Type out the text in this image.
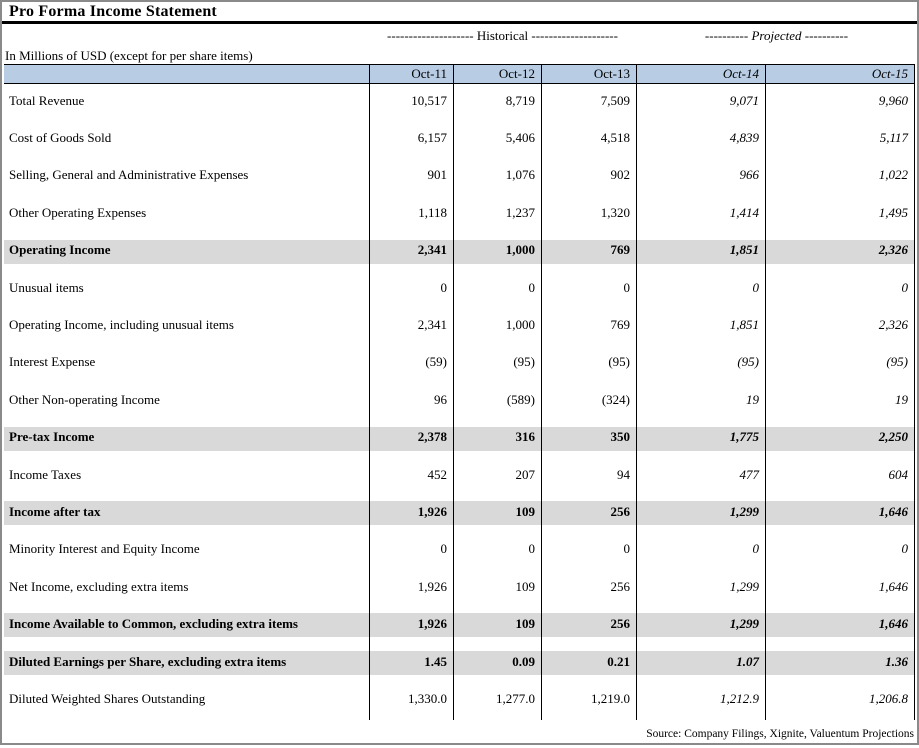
Pro Forma Income Statement
-------------------- Historical --------------------	---------- Projected ----------
In Millions of USD (except for per share items)
Oct-11	Oct-12	Oct-13	Oct-14	Oct-15
Total Revenue	10,517	8,719	7,509	9,071	9,960
Cost of Goods Sold	6,157	5,406	4,518	4,839	5,117
Selling, General and Administrative Expenses	901	1,076	902	966	1,022
Other Operating Expenses	1,118	1,237	1,320	1,414	1,495
Operating Income	2,341	1,000	769	1,851	2,326
Unusual items	0	0	0	0	0
Operating Income, including unusual items	2,341	1,000	769	1,851	2,326
Interest Expense	(59)	(95)	(95)	(95)	(95)
Other Non-operating Income	96	(589)	(324)	19	19
Pre-tax Income	2,378	316	350	1,775	2,250
Income Taxes	452	207	94	477	604
Income after tax	1,926	109	256	1,299	1,646
Minority Interest and Equity Income	0	0	0	0	0
Net Income, excluding extra items	1,926	109	256	1,299	1,646
Income Available to Common, excluding extra items	1,926	109	256	1,299	1,646
Diluted Earnings per Share, excluding extra items	1.45	0.09	0.21	1.07	1.36
Diluted Weighted Shares Outstanding	1,330.0	1,277.0	1,219.0	1,212.9	1,206.8
Source: Company Filings, Xignite, Valuentum Projections
